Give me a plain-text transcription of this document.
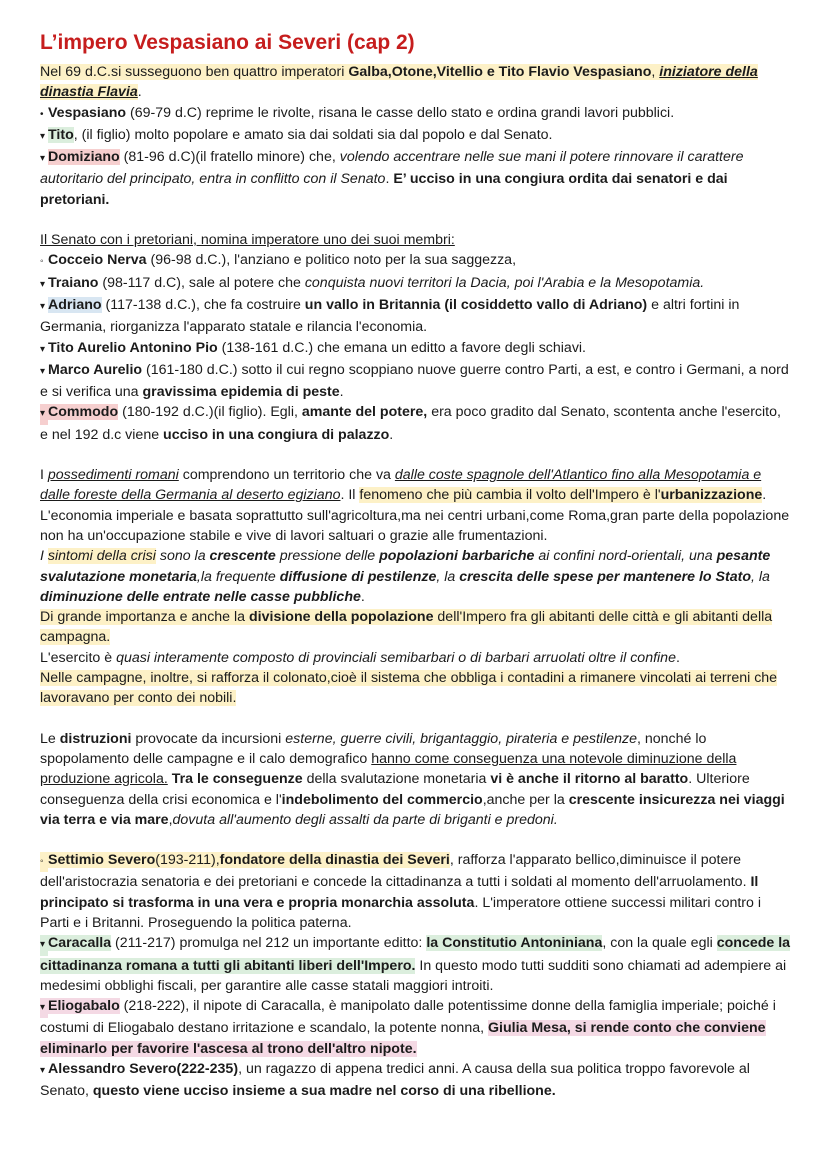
L’impero Vespasiano ai Severi (cap 2)

Nel 69 d.C.si susseguono ben quattro imperatori Galba,Otone,Vitellio e Tito Flavio Vespasiano, iniziatore della dinastia Flavia.

• Vespasiano (69-79 d.C) reprime le rivolte, risana le casse dello stato e ordina grandi lavori pubblici.

▾ Tito, (il figlio) molto popolare e amato sia dai soldati sia dal popolo e dal Senato.

▾ Domiziano (81-96 d.C)(il fratello minore) che, volendo accentrare nelle sue mani il potere rinnovare il carattere autoritario del principato, entra in conflitto con il Senato. E’ ucciso in una congiura ordita dai senatori e dai pretoriani.

Il Senato con i pretoriani, nomina imperatore uno dei suoi membri:

◦ Cocceio Nerva (96-98 d.C.), l'anziano e politico noto per la sua saggezza,

▾ Traiano (98-117 d.C), sale al potere che conquista nuovi territori la Dacia, poi l'Arabia e la Mesopotamia.

▾ Adriano (117-138 d.C.), che fa costruire un vallo in Britannia (il cosiddetto vallo di Adriano) e altri fortini in Germania, riorganizza l'apparato statale e rilancia l'economia.

▾ Tito Aurelio Antonino Pio (138-161 d.C.) che emana un editto a favore degli schiavi.

▾ Marco Aurelio (161-180 d.C.) sotto il cui regno scoppiano nuove guerre contro Parti, a est, e contro i Germani, a nord e si verifica una gravissima epidemia di peste.

▾ Commodo (180-192 d.C.)(il figlio). Egli, amante del potere, era poco gradito dal Senato, scontenta anche l'esercito, e nel 192 d.c viene ucciso in una congiura di palazzo.

I possedimenti romani comprendono un territorio che va dalle coste spagnole dell'Atlantico fino alla Mesopotamia e dalle foreste della Germania al deserto egiziano. Il fenomeno che più cambia il volto dell'Impero è l'urbanizzazione. L'economia imperiale e basata soprattutto sull'agricoltura,ma nei centri urbani,come Roma,gran parte della popolazione non ha un'occupazione stabile e vive di lavori saltuari o grazie alle frumentazioni.

I sintomi della crisi sono la crescente pressione delle popolazioni barbariche ai confini nord-orientali, una pesante svalutazione monetaria,la frequente diffusione di pestilenze, la crescita delle spese per mantenere lo Stato, la diminuzione delle entrate nelle casse pubbliche.

Di grande importanza e anche la divisione della popolazione dell'Impero fra gli abitanti delle città e gli abitanti della campagna.

L'esercito è quasi interamente composto di provinciali semibarbari o di barbari arruolati oltre il confine.

Nelle campagne, inoltre, si rafforza il colonato,cioè il sistema che obbliga i contadini a rimanere vincolati ai terreni che lavoravano per conto dei nobili.

Le distruzioni provocate da incursioni esterne, guerre civili, brigantaggio, pirateria e pestilenze, nonché lo spopolamento delle campagne e il calo demografico hanno come conseguenza una notevole diminuzione della produzione agricola. Tra le conseguenze della svalutazione monetaria vi è anche il ritorno al baratto. Ulteriore conseguenza della crisi economica e l'indebolimento del commercio,anche per la crescente insicurezza nei viaggi via terra e via mare,dovuta all'aumento degli assalti da parte di briganti e predoni.

◦ Settimio Severo(193-211),fondatore della dinastia dei Severi, rafforza l'apparato bellico,diminuisce il potere dell'aristocrazia senatoria e dei pretoriani e concede la cittadinanza a tutti i soldati al momento dell'arruolamento. Il principato si trasforma in una vera e propria monarchia assoluta. L'imperatore ottiene successi militari contro i Parti e i Britanni. Proseguendo la politica paterna.

▾ Caracalla (211-217) promulga nel 212 un importante editto: la Constitutio Antoniniana, con la quale egli concede la cittadinanza romana a tutti gli abitanti liberi dell'Impero. In questo modo tutti sudditi sono chiamati ad adempiere ai medesimi obblighi fiscali, per garantire alle casse statali maggiori introiti.

▾ Eliogabalo (218-222), il nipote di Caracalla, è manipolato dalle potentissime donne della famiglia imperiale; poiché i costumi di Eliogabalo destano irritazione e scandalo, la potente nonna, Giulia Mesa, si rende conto che conviene eliminarlo per favorire l'ascesa al trono dell'altro nipote.

▾Alessandro Severo(222-235), un ragazzo di appena tredici anni. A causa della sua politica troppo favorevole al Senato, questo viene ucciso insieme a sua madre nel corso di una ribellione.
